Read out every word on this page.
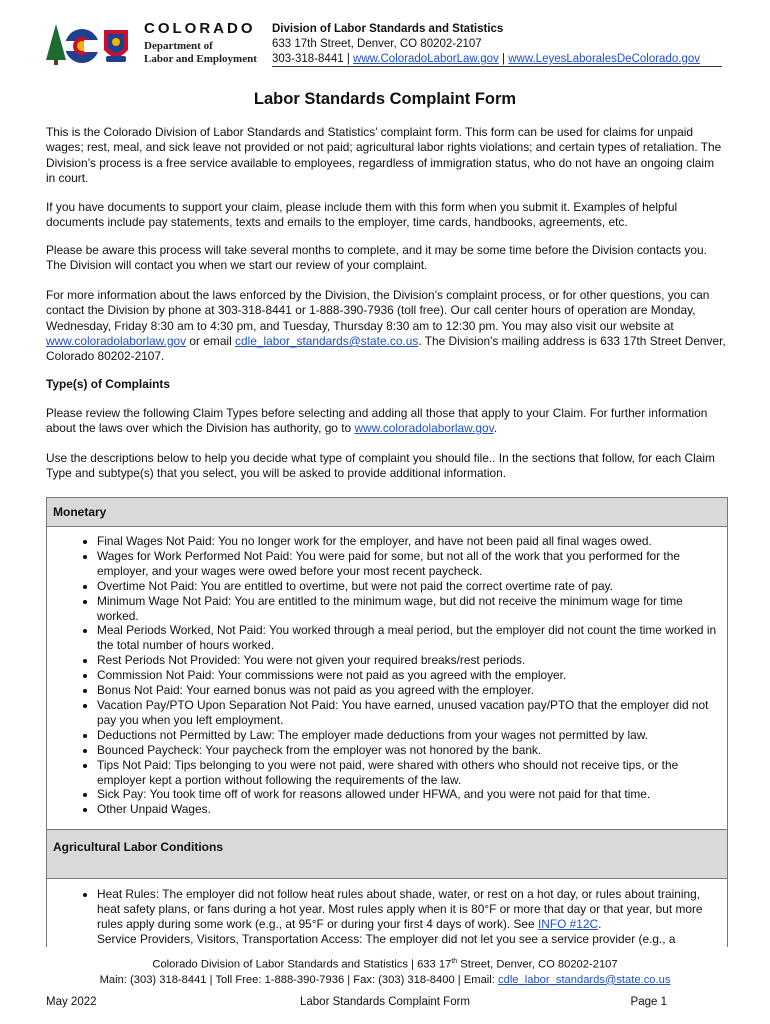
COLORADO
Department of
Labor and Employment
Division of Labor Standards and Statistics
633 17th Street, Denver, CO 80202-2107
303-318-8441 | www.ColoradoLaborLaw.gov | www.LeyesLaboralesDeColorado.gov
Labor Standards Complaint Form

This is the Colorado Division of Labor Standards and Statistics’ complaint form. This form can be used for claims for unpaid wages; rest, meal, and sick leave not provided or not paid; agricultural labor rights violations; and certain types of retaliation. The Division’s process is a free service available to employees, regardless of immigration status, who do not have an ongoing claim in court.

If you have documents to support your claim, please include them with this form when you submit it. Examples of helpful documents include pay statements, texts and emails to the employer, time cards, handbooks, agreements, etc.

Please be aware this process will take several months to complete, and it may be some time before the Division contacts you. The Division will contact you when we start our review of your complaint.

For more information about the laws enforced by the Division, the Division’s complaint process, or for other questions, you can contact the Division by phone at 303-318-8441 or 1-888-390-7936 (toll free). Our call center hours of operation are Monday, Wednesday, Friday 8:30 am to 4:30 pm, and Tuesday, Thursday 8:30 am to 12:30 pm. You may also visit our website at www.coloradolaborlaw.gov or email cdle_labor_standards@state.co.us. The Division's mailing address is 633 17th Street Denver, Colorado 80202-2107.

Type(s) of Complaints

Please review the following Claim Types before selecting and adding all those that apply to your Claim. For further information about the laws over which the Division has authority, go to www.coloradolaborlaw.gov.

Use the descriptions below to help you decide what type of complaint you should file.. In the sections that follow, for each Claim Type and subtype(s) that you select, you will be asked to provide additional information.

Monetary
• Final Wages Not Paid: You no longer work for the employer, and have not been paid all final wages owed.
• Wages for Work Performed Not Paid: You were paid for some, but not all of the work that you performed for the employer, and your wages were owed before your most recent paycheck.
• Overtime Not Paid: You are entitled to overtime, but were not paid the correct overtime rate of pay.
• Minimum Wage Not Paid: You are entitled to the minimum wage, but did not receive the minimum wage for time worked.
• Meal Periods Worked, Not Paid: You worked through a meal period, but the employer did not count the time worked in the total number of hours worked.
• Rest Periods Not Provided: You were not given your required breaks/rest periods.
• Commission Not Paid: Your commissions were not paid as you agreed with the employer.
• Bonus Not Paid: Your earned bonus was not paid as you agreed with the employer.
• Vacation Pay/PTO Upon Separation Not Paid: You have earned, unused vacation pay/PTO that the employer did not pay you when you left employment.
• Deductions not Permitted by Law: The employer made deductions from your wages not permitted by law.
• Bounced Paycheck: Your paycheck from the employer was not honored by the bank.
• Tips Not Paid: Tips belonging to you were not paid, were shared with others who should not receive tips, or the employer kept a portion without following the requirements of the law.
• Sick Pay: You took time off of work for reasons allowed under HFWA, and you were not paid for that time.
• Other Unpaid Wages.
Agricultural Labor Conditions
• Heat Rules: The employer did not follow heat rules about shade, water, or rest on a hot day, or rules about training, heat safety plans, or fans during a hot year. Most rules apply when it is 80°F or more that day or that year, but more rules apply during some work (e.g., at 95°F or during your first 4 days of work). See INFO #12C.
• Service Providers, Visitors, Transportation Access: The employer did not let you see a service provider (e.g., a
Colorado Division of Labor Standards and Statistics | 633 17th Street, Denver, CO 80202-2107
Main: (303) 318-8441 | Toll Free: 1-888-390-7936 | Fax: (303) 318-8400 | Email: cdle_labor_standards@state.co.us
May 2022	Labor Standards Complaint Form	Page 1
